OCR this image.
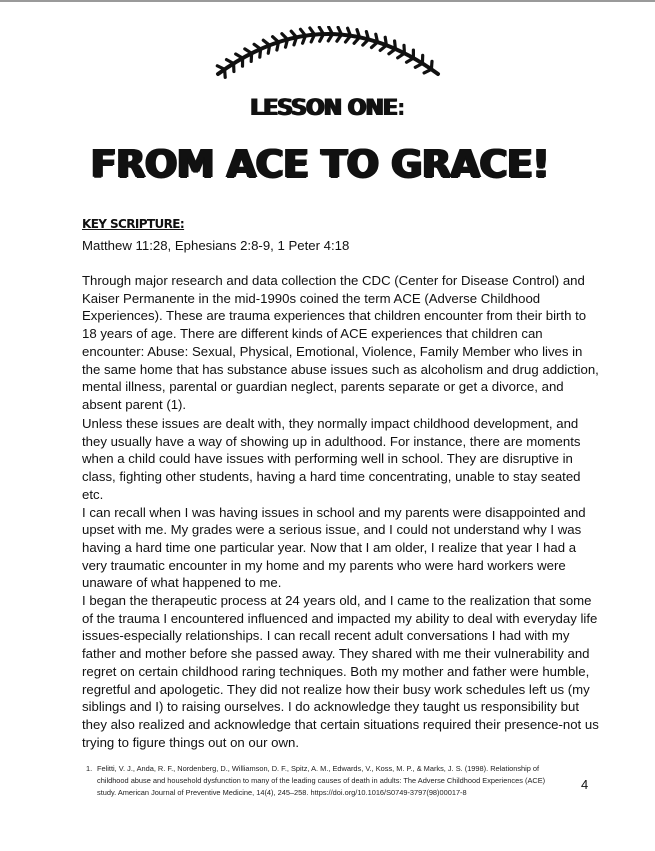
LESSON ONE:
FROM ACE TO GRACE!
KEY SCRIPTURE:
Matthew 11:28, Ephesians 2:8-9, 1 Peter 4:18
Through major research and data collection the CDC (Center for Disease Control) and Kaiser Permanente in the mid-1990s coined the term ACE (Adverse Childhood Experiences). These are trauma experiences that children encounter from their birth to 18 years of age. There are different kinds of ACE experiences that children can encounter: Abuse: Sexual, Physical, Emotional, Violence, Family Member who lives in the same home that has substance abuse issues such as alcoholism and drug addiction, mental illness, parental or guardian neglect, parents separate or get a divorce, and absent parent (1).
Unless these issues are dealt with, they normally impact childhood development, and they usually have a way of showing up in adulthood. For instance, there are moments when a child could have issues with performing well in school. They are disruptive in class, fighting other students, having a hard time concentrating, unable to stay seated etc.
I can recall when I was having issues in school and my parents were disappointed and upset with me. My grades were a serious issue, and I could not understand why I was having a hard time one particular year. Now that I am older, I realize that year I had a very traumatic encounter in my home and my parents who were hard workers were unaware of what happened to me.
I began the therapeutic process at 24 years old, and I came to the realization that some of the trauma I encountered influenced and impacted my ability to deal with everyday life issues-especially relationships. I can recall recent adult conversations I had with my father and mother before she passed away. They shared with me their vulnerability and regret on certain childhood raring techniques. Both my mother and father were humble, regretful and apologetic. They did not realize how their busy work schedules left us (my siblings and I) to raising ourselves. I do acknowledge they taught us responsibility but they also realized and acknowledge that certain situations required their presence-not us trying to figure things out on our own.
1. Felitti, V. J., Anda, R. F., Nordenberg, D., Williamson, D. F., Spitz, A. M., Edwards, V., Koss, M. P., & Marks, J. S. (1998). Relationship of childhood abuse and household dysfunction to many of the leading causes of death in adults: The Adverse Childhood Experiences (ACE) study. American Journal of Preventive Medicine, 14(4), 245–258. https://doi.org/10.1016/S0749-3797(98)00017-8
4
